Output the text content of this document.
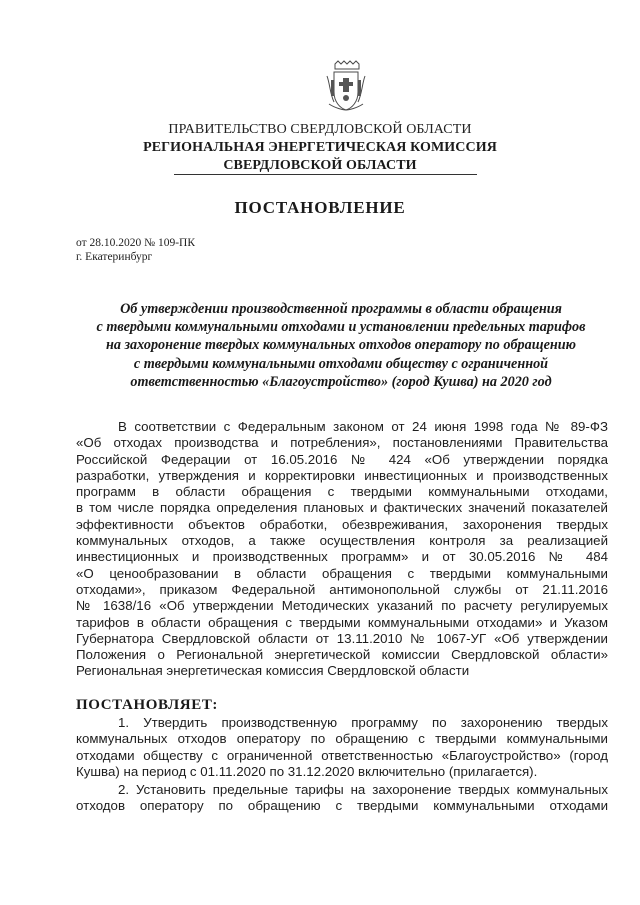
ПРАВИТЕЛЬСТВО СВЕРДЛОВСКОЙ ОБЛАСТИ
РЕГИОНАЛЬНАЯ ЭНЕРГЕТИЧЕСКАЯ КОМИССИЯ
СВЕРДЛОВСКОЙ ОБЛАСТИ
ПОСТАНОВЛЕНИЕ
от 28.10.2020 № 109-ПК
г. Екатеринбург
Об утверждении производственной программы в области обращения
с твердыми коммунальными отходами и установлении предельных тарифов
на захоронение твердых коммунальных отходов оператору по обращению
с твердыми коммунальными отходами обществу с ограниченной
ответственностью «Благоустройство» (город Кушва) на 2020 год
В соответствии с Федеральным законом от 24 июня 1998 года № 89-ФЗ
«Об отходах производства и потребления», постановлениями Правительства
Российской Федерации от 16.05.2016 № 424 «Об утверждении порядка
разработки, утверждения и корректировки инвестиционных и производственных
программ в области обращения с твердыми коммунальными отходами,
в том числе порядка определения плановых и фактических значений показателей
эффективности объектов обработки, обезвреживания, захоронения твердых
коммунальных отходов, а также осуществления контроля за реализацией
инвестиционных и производственных программ» и от 30.05.2016 № 484
«О ценообразовании в области обращения с твердыми коммунальными
отходами», приказом Федеральной антимонопольной службы от 21.11.2016
№ 1638/16 «Об утверждении Методических указаний по расчету регулируемых
тарифов в области обращения с твердыми коммунальными отходами» и Указом
Губернатора Свердловской области от 13.11.2010 № 1067-УГ «Об утверждении
Положения о Региональной энергетической комиссии Свердловской области»
Региональная энергетическая комиссия Свердловской области
ПОСТАНОВЛЯЕТ:
1. Утвердить производственную программу по захоронению твердых
коммунальных отходов оператору по обращению с твердыми коммунальными
отходами обществу с ограниченной ответственностью «Благоустройство» (город
Кушва) на период с 01.11.2020 по 31.12.2020 включительно (прилагается).
2. Установить предельные тарифы на захоронение твердых коммунальных
отходов оператору по обращению с твердыми коммунальными отходами
